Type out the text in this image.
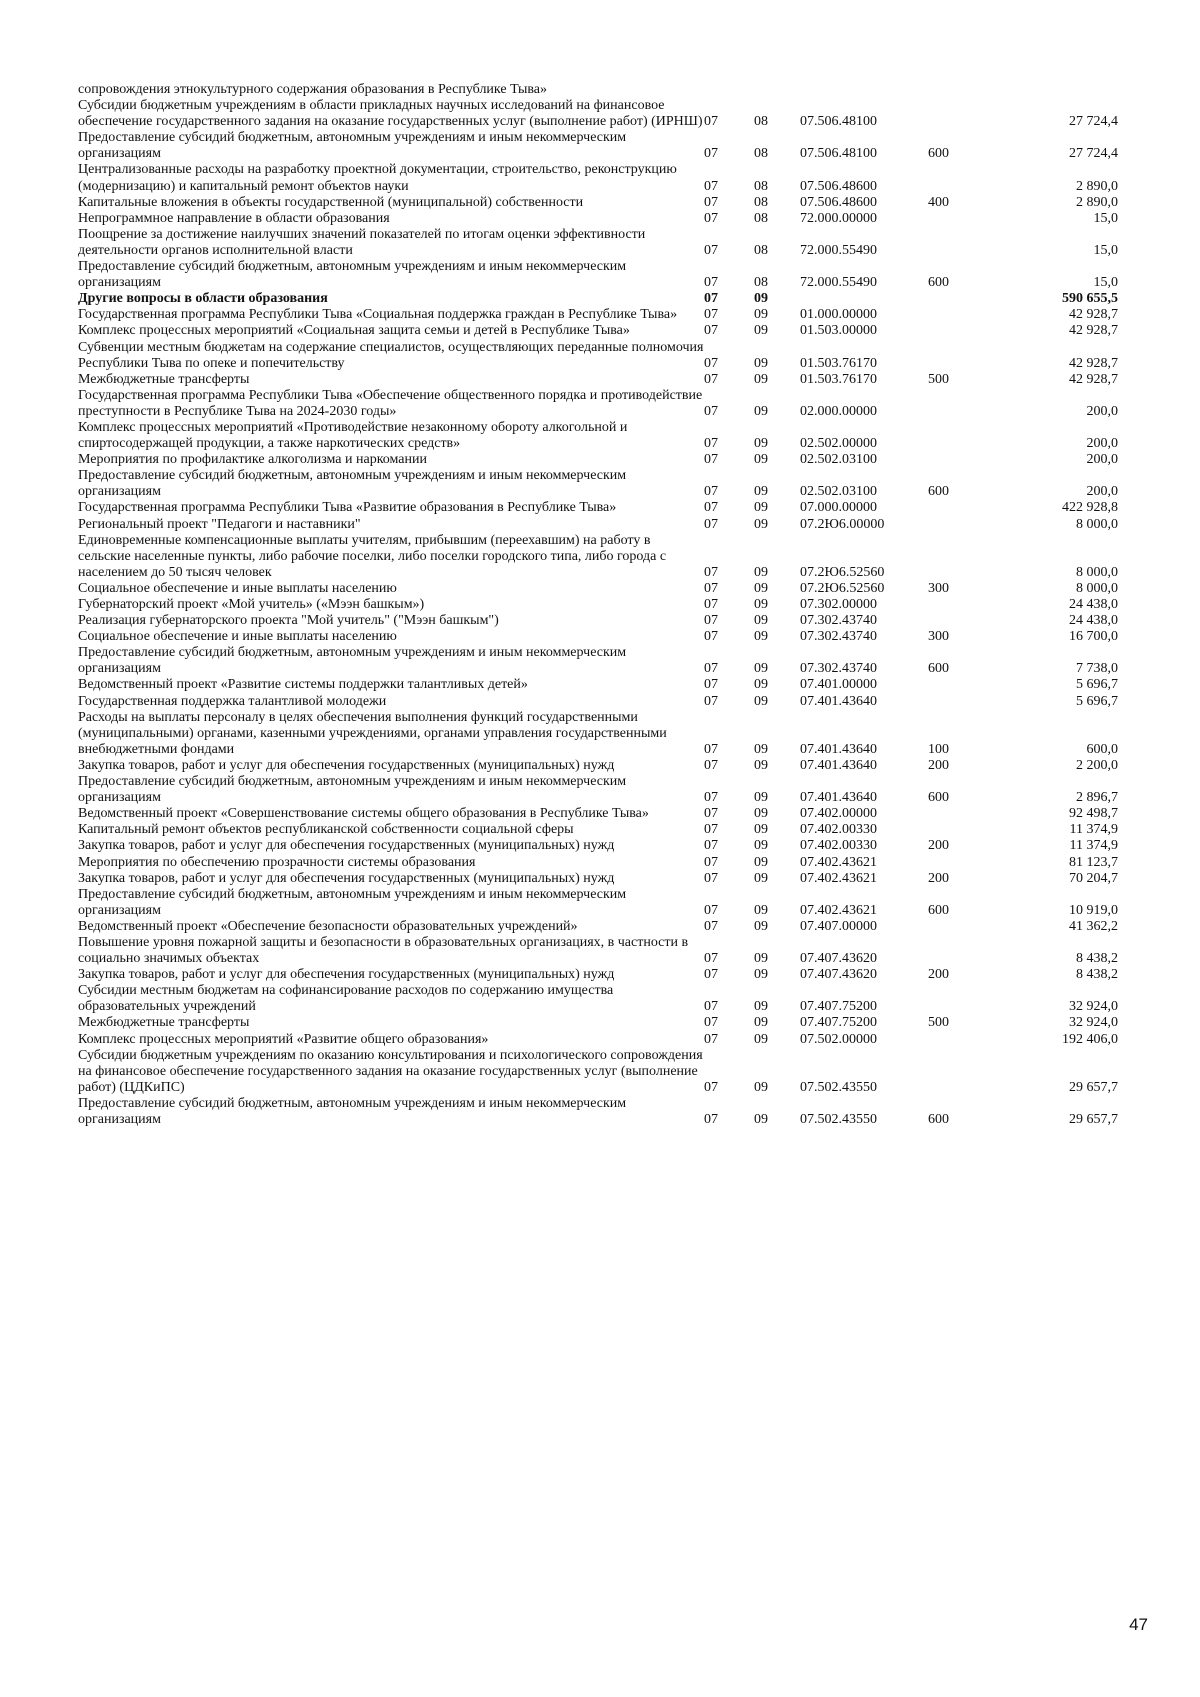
сопровождения этнокультурного содержания образования в Республике Тыва»					
Субсидии бюджетным учреждениям в области прикладных научных исследований на финансовое обеспечение государственного задания на оказание государственных услуг (выполнение работ) (ИРНШ)	07	08	07.506.48100		27 724,4
Предоставление субсидий бюджетным, автономным учреждениям и иным некоммерческим организациям	07	08	07.506.48100	600	27 724,4
Централизованные расходы на разработку проектной документации, строительство, реконструкцию (модернизацию) и капитальный ремонт объектов науки	07	08	07.506.48600		2 890,0
Капитальные вложения в объекты государственной (муниципальной) собственности	07	08	07.506.48600	400	2 890,0
Непрограммное направление в области образования	07	08	72.000.00000		15,0
Поощрение за достижение наилучших значений показателей по итогам оценки эффективности деятельности органов исполнительной власти	07	08	72.000.55490		15,0
Предоставление субсидий бюджетным, автономным учреждениям и иным некоммерческим организациям	07	08	72.000.55490	600	15,0
Другие вопросы в области образования	07	09			590 655,5
Государственная программа Республики Тыва «Социальная поддержка граждан в Республике Тыва»	07	09	01.000.00000		42 928,7
Комплекс процессных мероприятий «Социальная защита семьи и детей в Республике Тыва»	07	09	01.503.00000		42 928,7
Субвенции местным бюджетам на содержание специалистов, осуществляющих переданные полномочия Республики Тыва по опеке и попечительству	07	09	01.503.76170		42 928,7
Межбюджетные трансферты	07	09	01.503.76170	500	42 928,7
Государственная программа Республики Тыва «Обеспечение общественного порядка и противодействие преступности в Республике Тыва на 2024-2030 годы»	07	09	02.000.00000		200,0
Комплекс процессных мероприятий «Противодействие незаконному обороту алкогольной и спиртосодержащей продукции, а также наркотических средств»	07	09	02.502.00000		200,0
Мероприятия по профилактике алкоголизма и наркомании	07	09	02.502.03100		200,0
Предоставление субсидий бюджетным, автономным учреждениям и иным некоммерческим организациям	07	09	02.502.03100	600	200,0
Государственная программа Республики Тыва «Развитие образования в Республике Тыва»	07	09	07.000.00000		422 928,8
Региональный проект "Педагоги и наставники"	07	09	07.2Ю6.00000		8 000,0
Единовременные компенсационные выплаты учителям, прибывшим (переехавшим) на работу в сельские населенные пункты, либо рабочие поселки, либо поселки городского типа, либо города с населением до 50 тысяч человек	07	09	07.2Ю6.52560		8 000,0
Социальное обеспечение и иные выплаты населению	07	09	07.2Ю6.52560	300	8 000,0
Губернаторский проект «Мой учитель» («Мээн башкым»)	07	09	07.302.00000		24 438,0
Реализация губернаторского проекта "Мой учитель" ("Мээн башкым")	07	09	07.302.43740		24 438,0
Социальное обеспечение и иные выплаты населению	07	09	07.302.43740	300	16 700,0
Предоставление субсидий бюджетным, автономным учреждениям и иным некоммерческим организациям	07	09	07.302.43740	600	7 738,0
Ведомственный проект «Развитие системы поддержки талантливых детей»	07	09	07.401.00000		5 696,7
Государственная поддержка талантливой молодежи	07	09	07.401.43640		5 696,7
Расходы на выплаты персоналу в целях обеспечения выполнения функций государственными (муниципальными) органами, казенными учреждениями, органами управления государственными внебюджетными фондами	07	09	07.401.43640	100	600,0
Закупка товаров, работ и услуг для обеспечения государственных (муниципальных) нужд	07	09	07.401.43640	200	2 200,0
Предоставление субсидий бюджетным, автономным учреждениям и иным некоммерческим организациям	07	09	07.401.43640	600	2 896,7
Ведомственный проект «Совершенствование системы общего образования в Республике Тыва»	07	09	07.402.00000		92 498,7
Капитальный ремонт объектов республиканской собственности социальной сферы	07	09	07.402.00330		11 374,9
Закупка товаров, работ и услуг для обеспечения государственных (муниципальных) нужд	07	09	07.402.00330	200	11 374,9
Мероприятия по обеспечению прозрачности системы образования	07	09	07.402.43621		81 123,7
Закупка товаров, работ и услуг для обеспечения государственных (муниципальных) нужд	07	09	07.402.43621	200	70 204,7
Предоставление субсидий бюджетным, автономным учреждениям и иным некоммерческим организациям	07	09	07.402.43621	600	10 919,0
Ведомственный проект «Обеспечение безопасности образовательных учреждений»	07	09	07.407.00000		41 362,2
Повышение уровня пожарной защиты и безопасности в образовательных организациях, в частности в социально значимых объектах	07	09	07.407.43620		8 438,2
Закупка товаров, работ и услуг для обеспечения государственных (муниципальных) нужд	07	09	07.407.43620	200	8 438,2
Субсидии местным бюджетам на софинансирование расходов по содержанию имущества образовательных учреждений	07	09	07.407.75200		32 924,0
Межбюджетные трансферты	07	09	07.407.75200	500	32 924,0
Комплекс процессных мероприятий «Развитие общего образования»	07	09	07.502.00000		192 406,0
Субсидии бюджетным учреждениям по оказанию консультирования и психологического сопровождения на финансовое обеспечение государственного задания на оказание государственных услуг (выполнение работ) (ЦДКиПС)	07	09	07.502.43550		29 657,7
Предоставление субсидий бюджетным, автономным учреждениям и иным некоммерческим организациям	07	09	07.502.43550	600	29 657,7
47
